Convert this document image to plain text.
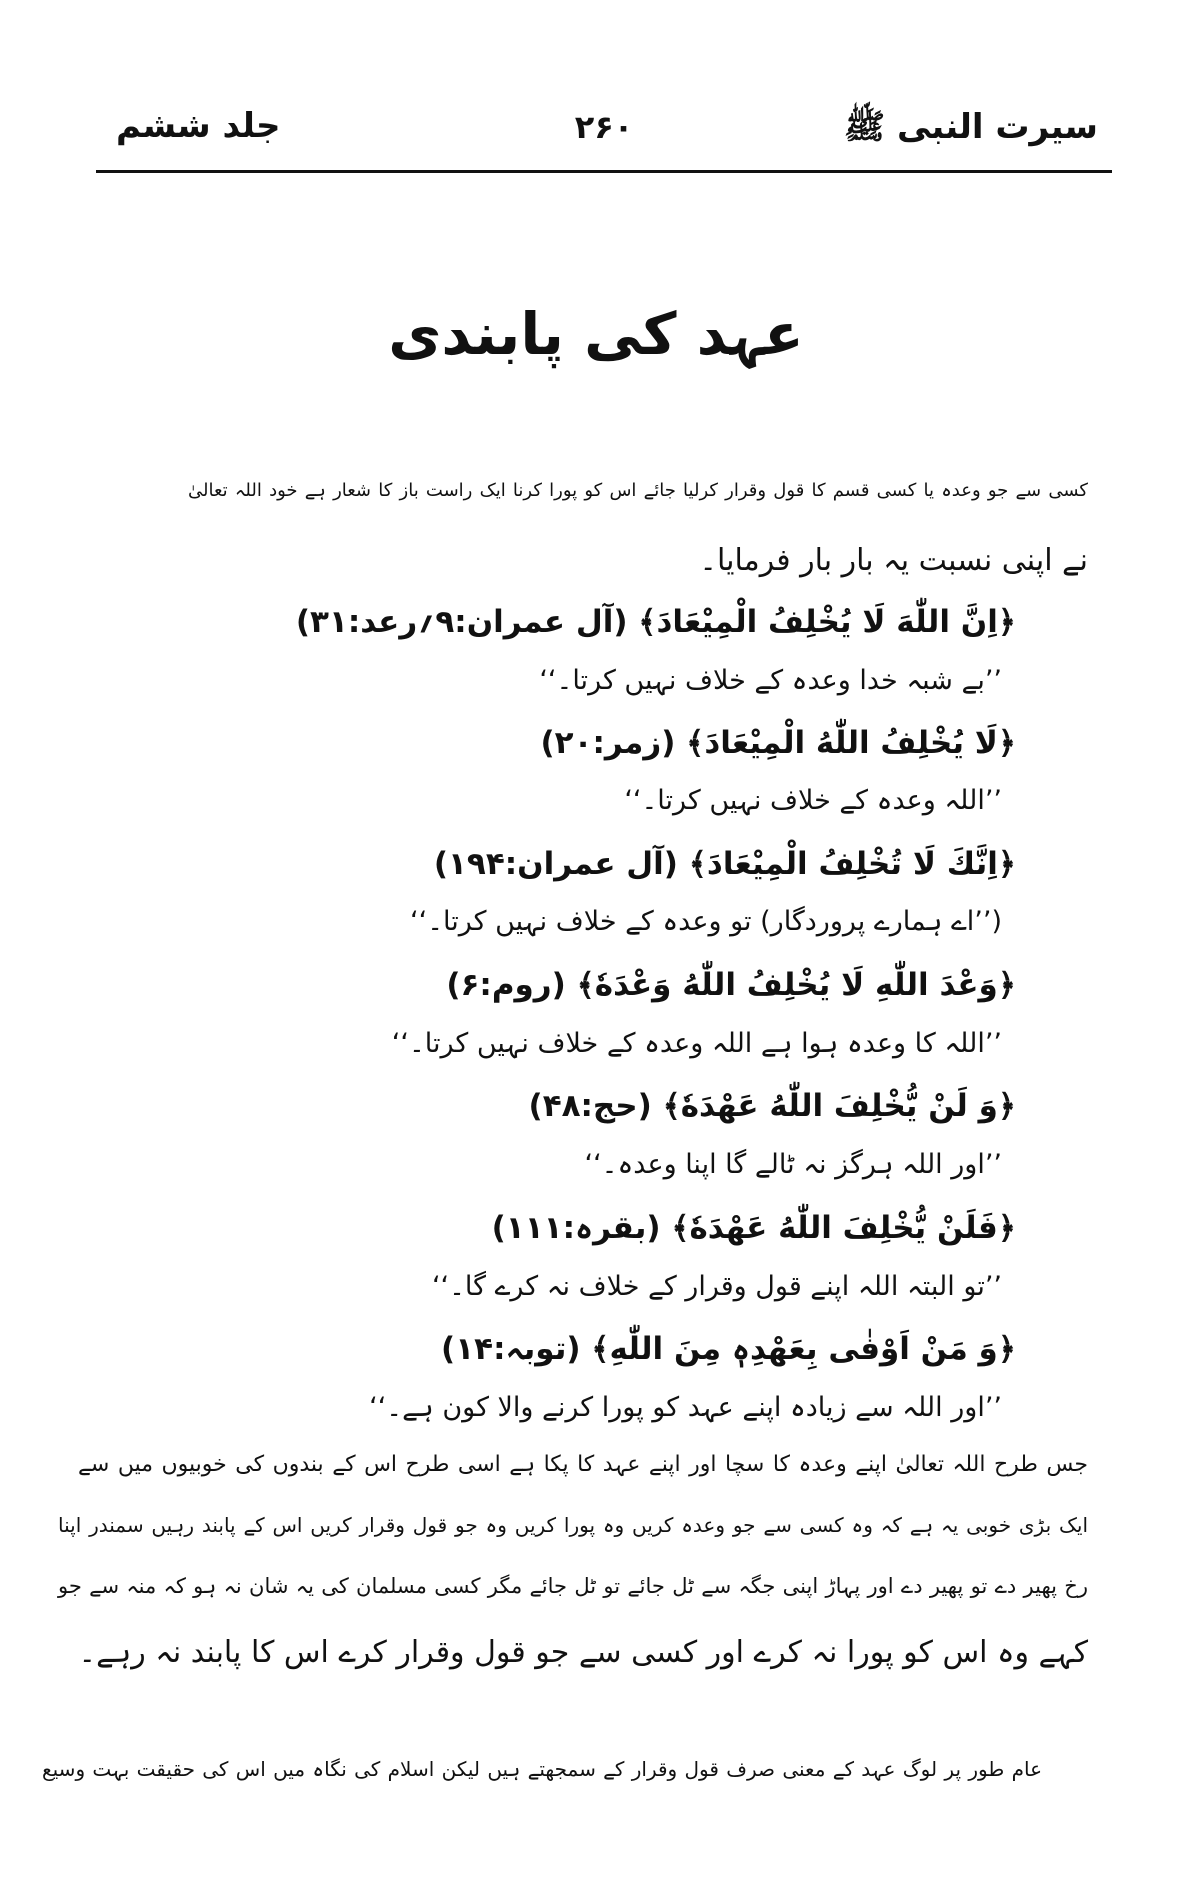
سیرت النبی ﷺ
۲۶۰
جلد ششم
عہد کی پابندی
کسی سے جو وعدہ یا کسی قسم کا قول وقرار کرلیا جائے اس کو پورا کرنا ایک راست باز کا شعار ہے خود اللہ تعالیٰ
نے اپنی نسبت یہ بار بار فرمایا۔
﴿اِنَّ اللّٰهَ لَا يُخْلِفُ الْمِيْعَادَ﴾ (آل عمران:۹؍رعد:۳۱)
’’بے شبہ خدا وعدہ کے خلاف نہیں کرتا۔‘‘
﴿لَا يُخْلِفُ اللّٰهُ الْمِيْعَادَ﴾ (زمر:۲۰)
’’اللہ وعدہ کے خلاف نہیں کرتا۔‘‘
﴿اِنَّكَ لَا تُخْلِفُ الْمِيْعَادَ﴾ (آل عمران:۱۹۴)
(’’اے ہمارے پروردگار) تو وعدہ کے خلاف نہیں کرتا۔‘‘
﴿وَعْدَ اللّٰهِ لَا يُخْلِفُ اللّٰهُ وَعْدَهٗ﴾ (روم:۶)
’’اللہ کا وعدہ ہوا ہے اللہ وعدہ کے خلاف نہیں کرتا۔‘‘
﴿وَ لَنْ يُّخْلِفَ اللّٰهُ عَهْدَهٗ﴾ (حج:۴۸)
’’اور اللہ ہرگز نہ ٹالے گا اپنا وعدہ۔‘‘
﴿فَلَنْ يُّخْلِفَ اللّٰهُ عَهْدَهٗ﴾ (بقرہ:۱۱۱)
’’تو البتہ اللہ اپنے قول وقرار کے خلاف نہ کرے گا۔‘‘
﴿وَ مَنْ اَوْفٰى بِعَهْدِهٖ مِنَ اللّٰهِ﴾ (توبہ:۱۴)
’’اور اللہ سے زیادہ اپنے عہد کو پورا کرنے والا کون ہے۔‘‘
جس طرح اللہ تعالیٰ اپنے وعدہ کا سچا اور اپنے عہد کا پکا ہے اسی طرح اس کے بندوں کی خوبیوں میں سے
ایک بڑی خوبی یہ ہے کہ وہ کسی سے جو وعدہ کریں وہ پورا کریں وہ جو قول وقرار کریں اس کے پابند رہیں سمندر اپنا
رخ پھیر دے تو پھیر دے اور پہاڑ اپنی جگہ سے ٹل جائے تو ٹل جائے مگر کسی مسلمان کی یہ شان نہ ہو کہ منہ سے جو
کہے وہ اس کو پورا نہ کرے اور کسی سے جو قول وقرار کرے اس کا پابند نہ رہے۔
عام طور پر لوگ عہد کے معنی صرف قول وقرار کے سمجھتے ہیں لیکن اسلام کی نگاہ میں اس کی حقیقت بہت وسیع
